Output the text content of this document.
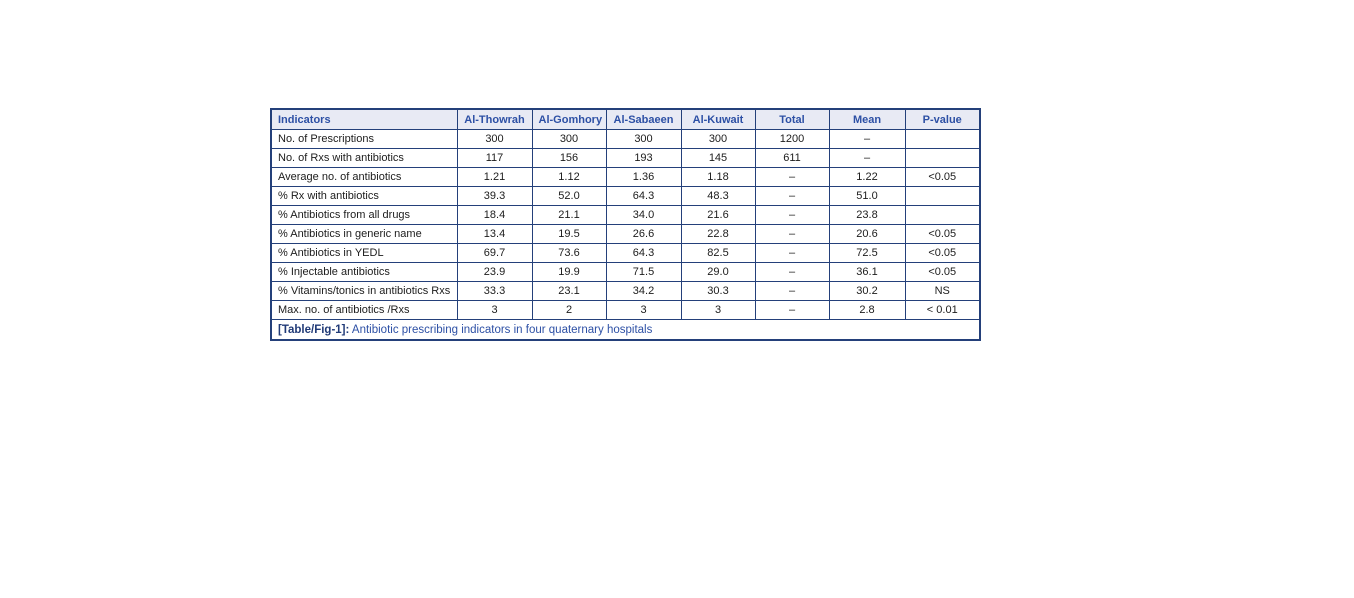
Indicators	Al-Thowrah	Al-Gomhory	Al-Sabaeen	Al-Kuwait	Total	Mean	P-value
No. of Prescriptions	300	300	300	300	1200	–	
No. of Rxs with antibiotics	117	156	193	145	611	–	
Average no. of antibiotics	1.21	1.12	1.36	1.18	–	1.22	<0.05
% Rx with antibiotics	39.3	52.0	64.3	48.3	–	51.0	
% Antibiotics from all drugs	18.4	21.1	34.0	21.6	–	23.8	
% Antibiotics in generic name	13.4	19.5	26.6	22.8	–	20.6	<0.05
% Antibiotics in YEDL	69.7	73.6	64.3	82.5	–	72.5	<0.05
% Injectable antibiotics	23.9	19.9	71.5	29.0	–	36.1	<0.05
% Vitamins/tonics in antibiotics Rxs	33.3	23.1	34.2	30.3	–	30.2	NS
Max. no. of antibiotics /Rxs	3	2	3	3	–	2.8	< 0.01
[Table/Fig-1]: Antibiotic prescribing indicators in four quaternary hospitals							
